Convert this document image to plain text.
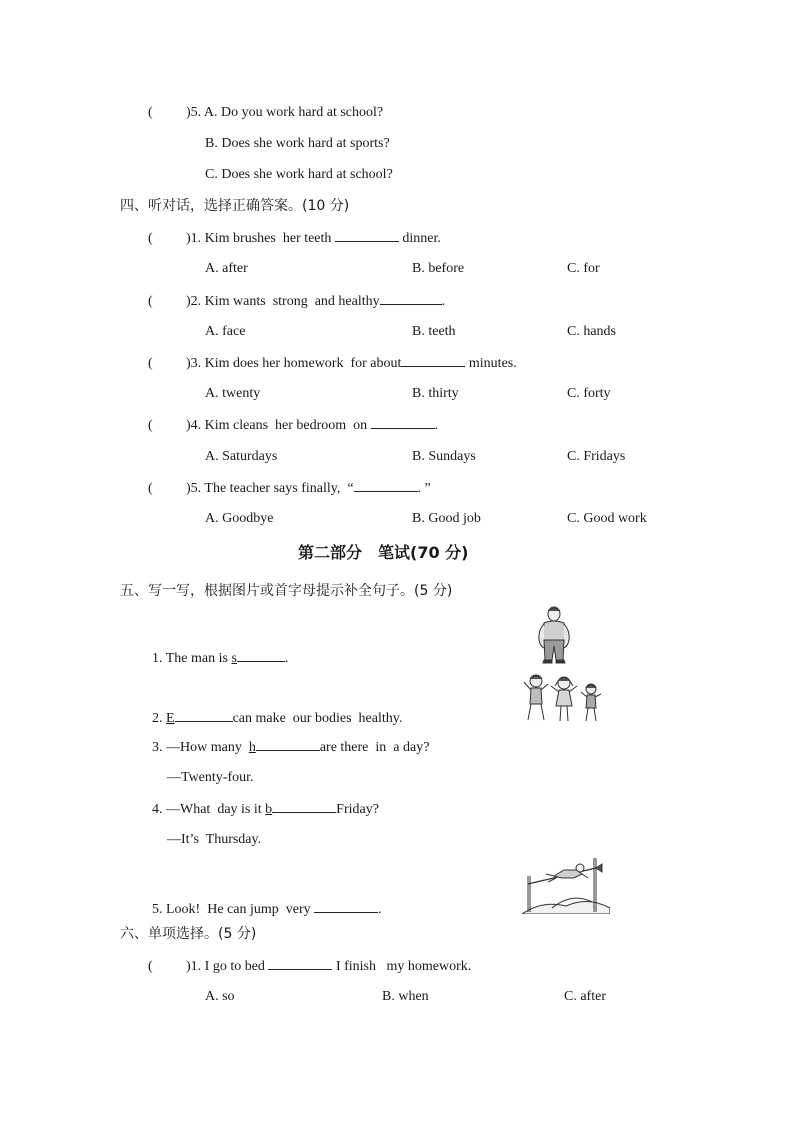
( )5. A. Do you work hard at school?
B. Does she work hard at sports?
C. Does she work hard at school?
四、听对话，选择正确答案。(10 分)
( )1. Kim brushes  her teeth	dinner.
A. after	B. before	C. for
( )2. Kim wants  strong  and healthy	.
A. face	B. teeth	C. hands
( )3. Kim does her homework  for about	minutes.
A. twenty	B. thirty	C. forty
( )4. Kim cleans  her bedroom  on	.
A. Saturdays	B. Sundays	C. Fridays
( )5. The teacher says finally,  “	. ”
A. Goodbye	B. Good job	C. Good work
第二部分　笔试(70 分)
五、写一写，根据图片或首字母提示补全句子。(5 分)
1. The man is s	.
2. E	can make  our bodies  healthy.
3. —How many  h	are there  in  a day?
—Twenty-four.
4. —What  day is it b	Friday?
—It’s  Thursday.
5. Look!  He can jump  very	.
六、单项选择。(5 分)
( )1. I go to bed	I finish   my homework.
A. so	B. when	C. after
